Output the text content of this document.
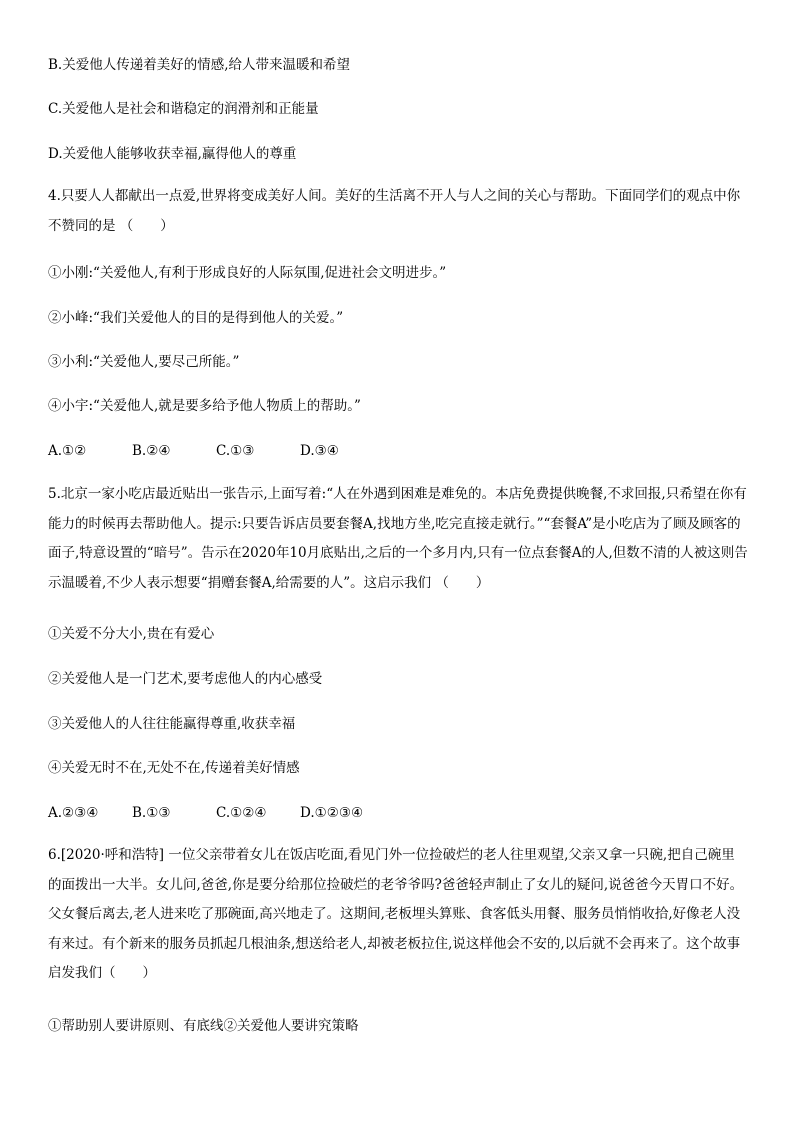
B.关爱他人传递着美好的情感,给人带来温暖和希望
C.关爱他人是社会和谐稳定的润滑剂和正能量
D.关爱他人能够收获幸福,赢得他人的尊重
4.只要人人都献出一点爱,世界将变成美好人间。美好的生活离不开人与人之间的关心与帮助。下面同学们的观点中你不赞同的是 （　　）
①小刚:“关爱他人,有利于形成良好的人际氛围,促进社会文明进步。”
②小峰:“我们关爱他人的目的是得到他人的关爱。”
③小利:“关爱他人,要尽己所能。”
④小宇:“关爱他人,就是要多给予他人物质上的帮助。”
A.①②	B.②④	C.①③	D.③④
5.北京一家小吃店最近贴出一张告示,上面写着:“人在外遇到困难是难免的。本店免费提供晚餐,不求回报,只希望在你有能力的时候再去帮助他人。提示:只要告诉店员要套餐A,找地方坐,吃完直接走就行。”“套餐A”是小吃店为了顾及顾客的面子,特意设置的“暗号”。告示在2020年10月底贴出,之后的一个多月内,只有一位点套餐A的人,但数不清的人被这则告示温暖着,不少人表示想要“捐赠套餐A,给需要的人”。这启示我们 （　　）
①关爱不分大小,贵在有爱心
②关爱他人是一门艺术,要考虑他人的内心感受
③关爱他人的人往往能赢得尊重,收获幸福
④关爱无时不在,无处不在,传递着美好情感
A.②③④ B.①③	C.①②④ D.①②③④
6.[2020·呼和浩特] 一位父亲带着女儿在饭店吃面,看见门外一位捡破烂的老人往里观望,父亲又拿一只碗,把自己碗里的面拨出一大半。女儿问,爸爸,你是要分给那位捡破烂的老爷爷吗?爸爸轻声制止了女儿的疑问,说爸爸今天胃口不好。父女餐后离去,老人进来吃了那碗面,高兴地走了。这期间,老板埋头算账、食客低头用餐、服务员悄悄收拾,好像老人没有来过。有个新来的服务员抓起几根油条,想送给老人,却被老板拉住,说这样他会不安的,以后就不会再来了。这个故事启发我们（　　）
①帮助别人要讲原则、有底线②关爱他人要讲究策略
